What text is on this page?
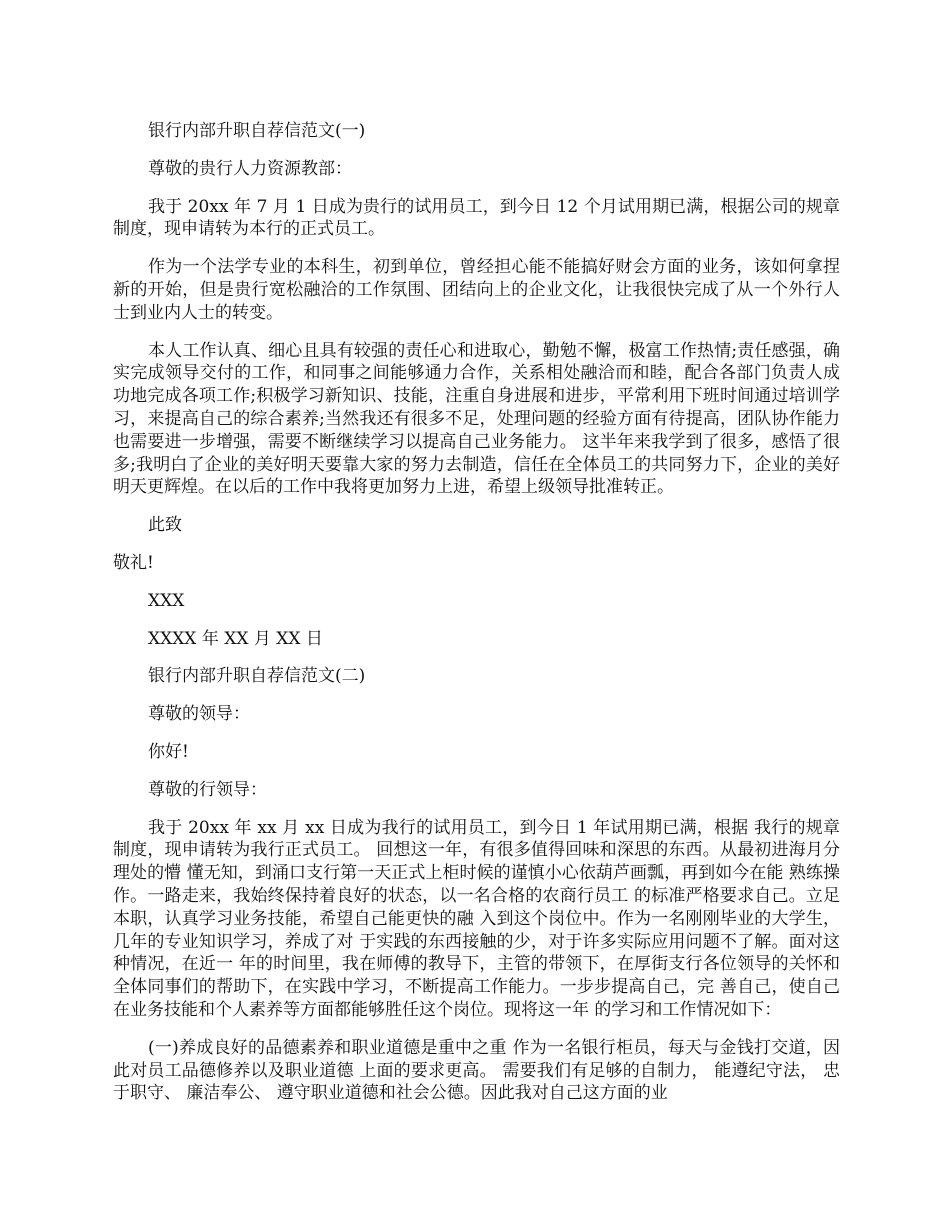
银行内部升职自荐信范文(一)

尊敬的贵行人力资源教部：

我于 20xx 年 7 月 1 日成为贵行的试用员工，到今日 12 个月试用期已满，根据公司的规章制度，现申请转为本行的正式员工。

作为一个法学专业的本科生，初到单位，曾经担心能不能搞好财会方面的业务，该如何拿捏新的开始，但是贵行宽松融洽的工作氛围、团结向上的企业文化，让我很快完成了从一个外行人士到业内人士的转变。

本人工作认真、细心且具有较强的责任心和进取心，勤勉不懈，极富工作热情;责任感强，确实完成领导交付的工作，和同事之间能够通力合作，关系相处融洽而和睦，配合各部门负责人成功地完成各项工作;积极学习新知识、技能，注重自身进展和进步，平常利用下班时间通过培训学习，来提高自己的综合素养;当然我还有很多不足，处理问题的经验方面有待提高，团队协作能力也需要进一步增强，需要不断继续学习以提高自己业务能力。 这半年来我学到了很多，感悟了很多;我明白了企业的美好明天要靠大家的努力去制造，信任在全体员工的共同努力下，企业的美好明天更辉煌。在以后的工作中我将更加努力上进，希望上级领导批准转正。

此致

敬礼!

XXX

XXXX 年 XX 月 XX 日

银行内部升职自荐信范文(二)

尊敬的领导：

你好!

尊敬的行领导：

我于 20xx 年 xx 月 xx 日成为我行的试用员工，到今日 1 年试用期已满，根据 我行的规章制度，现申请转为我行正式员工。 回想这一年，有很多值得回味和深思的东西。从最初进海月分理处的懵 懂无知，到涌口支行第一天正式上柜时候的谨慎小心依葫芦画瓢，再到如今在能 熟练操作。一路走来，我始终保持着良好的状态，以一名合格的农商行员工 的标准严格要求自己。立足本职，认真学习业务技能，希望自己能更快的融 入到这个岗位中。作为一名刚刚毕业的大学生，几年的专业知识学习，养成了对 于实践的东西接触的少，对于许多实际应用问题不了解。面对这种情况，在近一 年的时间里，我在师傅的教导下，主管的带领下，在厚街支行各位领导的关怀和 全体同事们的帮助下，在实践中学习，不断提高工作能力。一步步提高自己，完 善自己，使自己在业务技能和个人素养等方面都能够胜任这个岗位。现将这一年 的学习和工作情况如下：

(一)养成良好的品德素养和职业道德是重中之重 作为一名银行柜员，每天与金钱打交道，因此对员工品德修养以及职业道德 上面的要求更高。 需要我们有足够的自制力， 能遵纪守法， 忠于职守、 廉洁奉公、 遵守职业道德和社会公德。因此我对自己这方面的业
